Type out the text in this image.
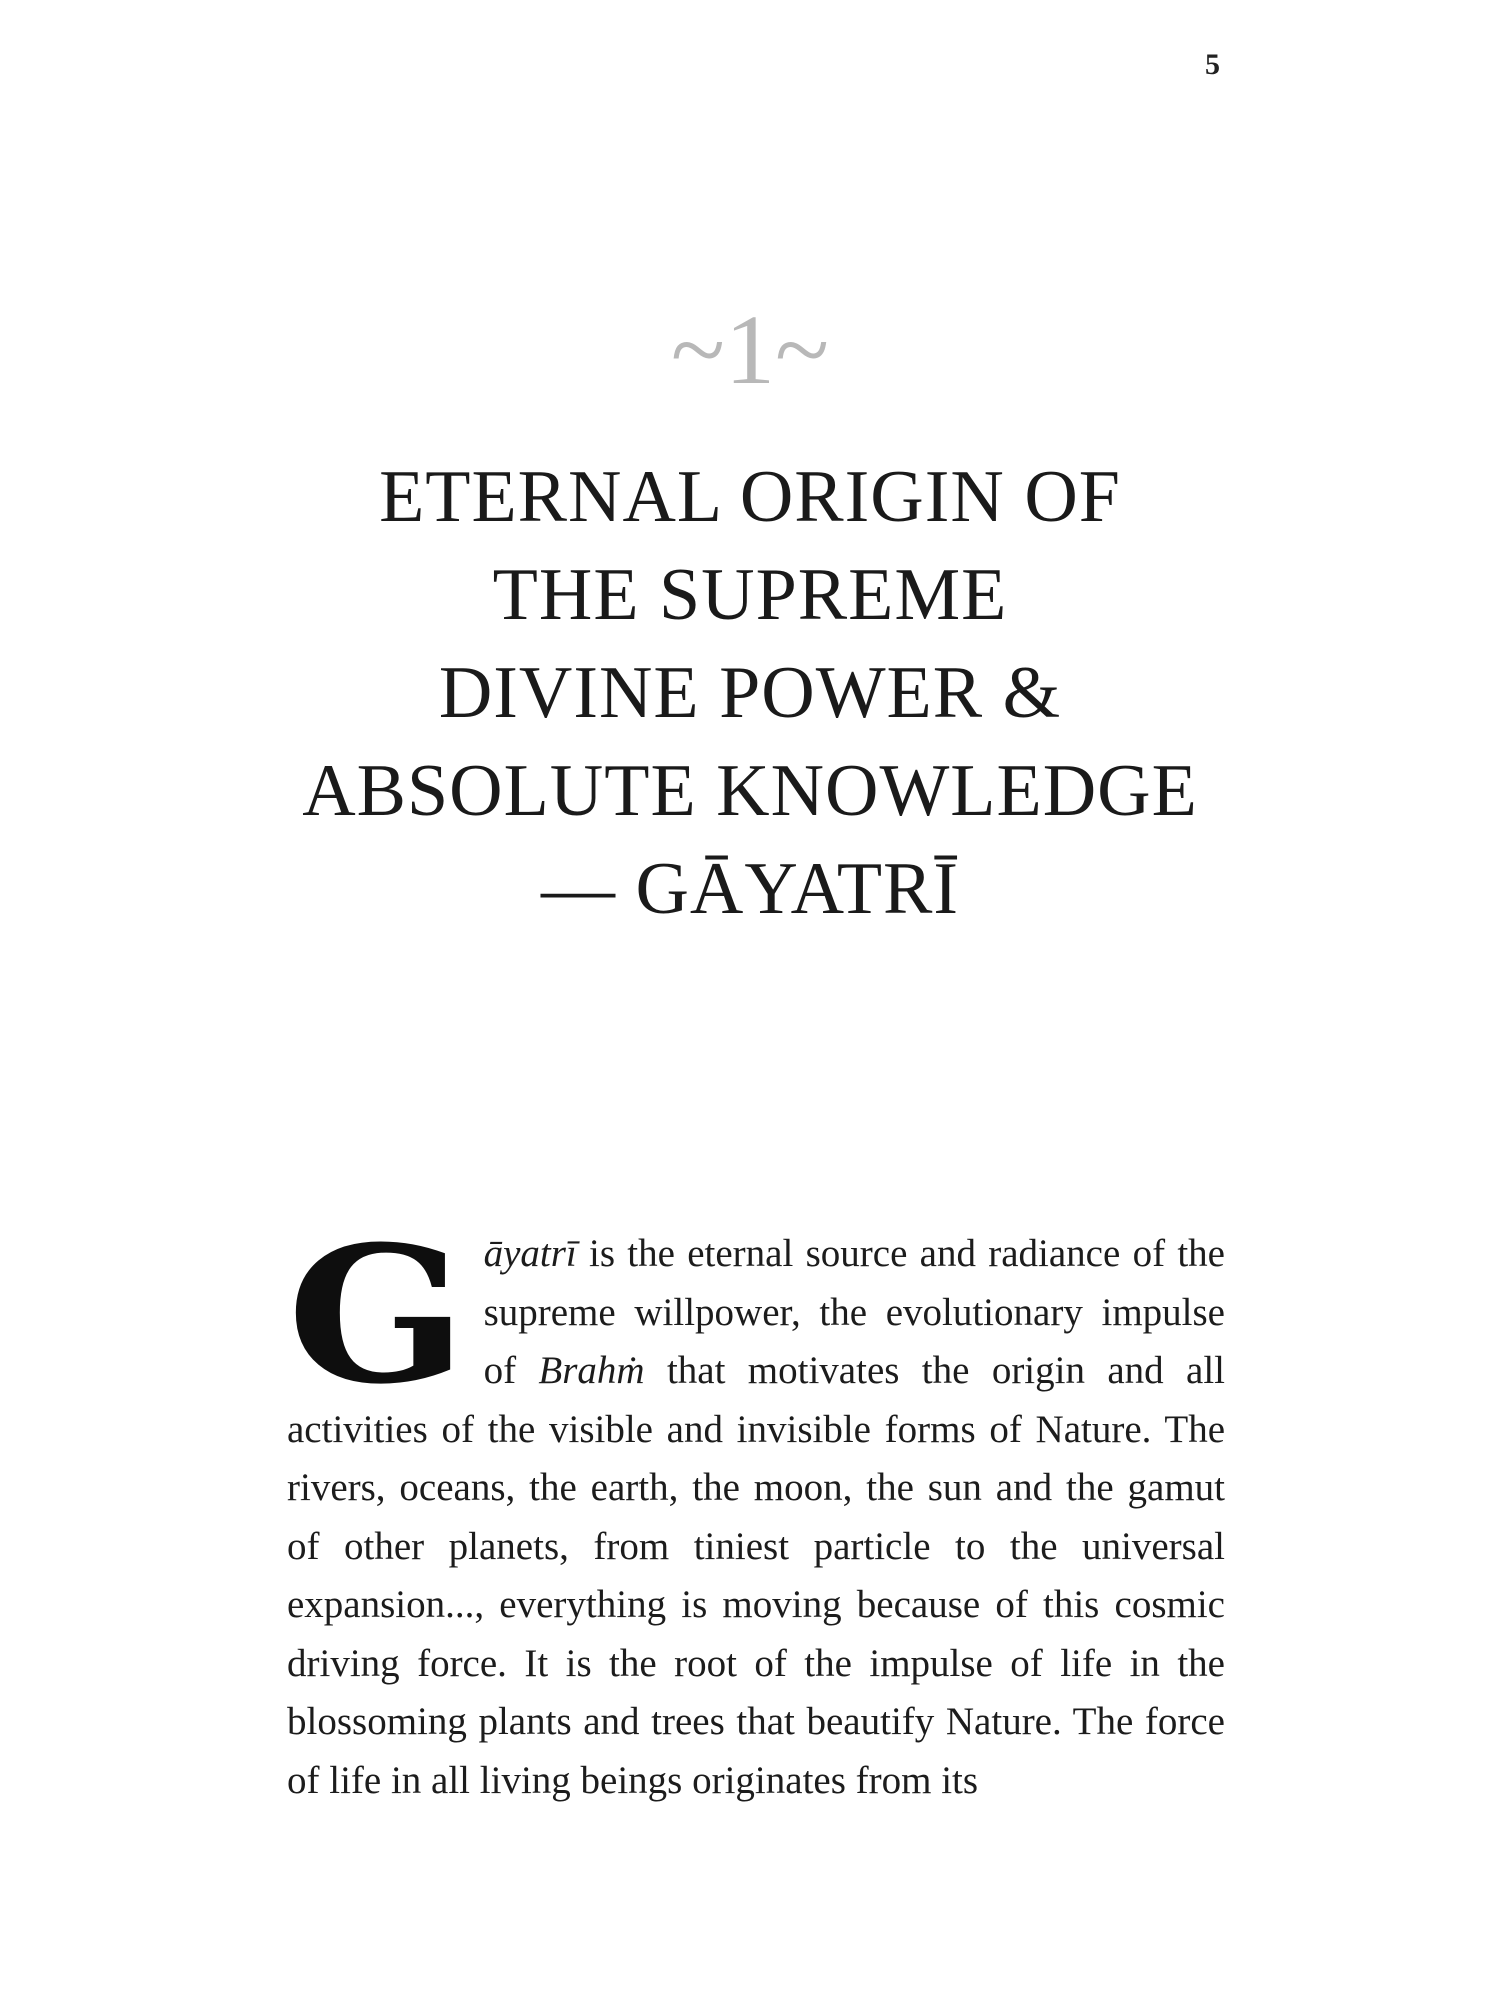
5
~1~
ETERNAL ORIGIN OF
THE SUPREME
DIVINE POWER &
ABSOLUTE KNOWLEDGE
— GĀYATRĪ
Gāyatrī is the eternal source and radiance of the supreme willpower, the evolutionary impulse of Brahṁ that motivates the origin and all activities of the visible and invisible forms of Nature. The rivers, oceans, the earth, the moon, the sun and the gamut of other planets, from tiniest particle to the universal expansion..., everything is moving because of this cosmic driving force. It is the root of the impulse of life in the blossoming plants and trees that beautify Nature. The force of life in all living beings originates from its
